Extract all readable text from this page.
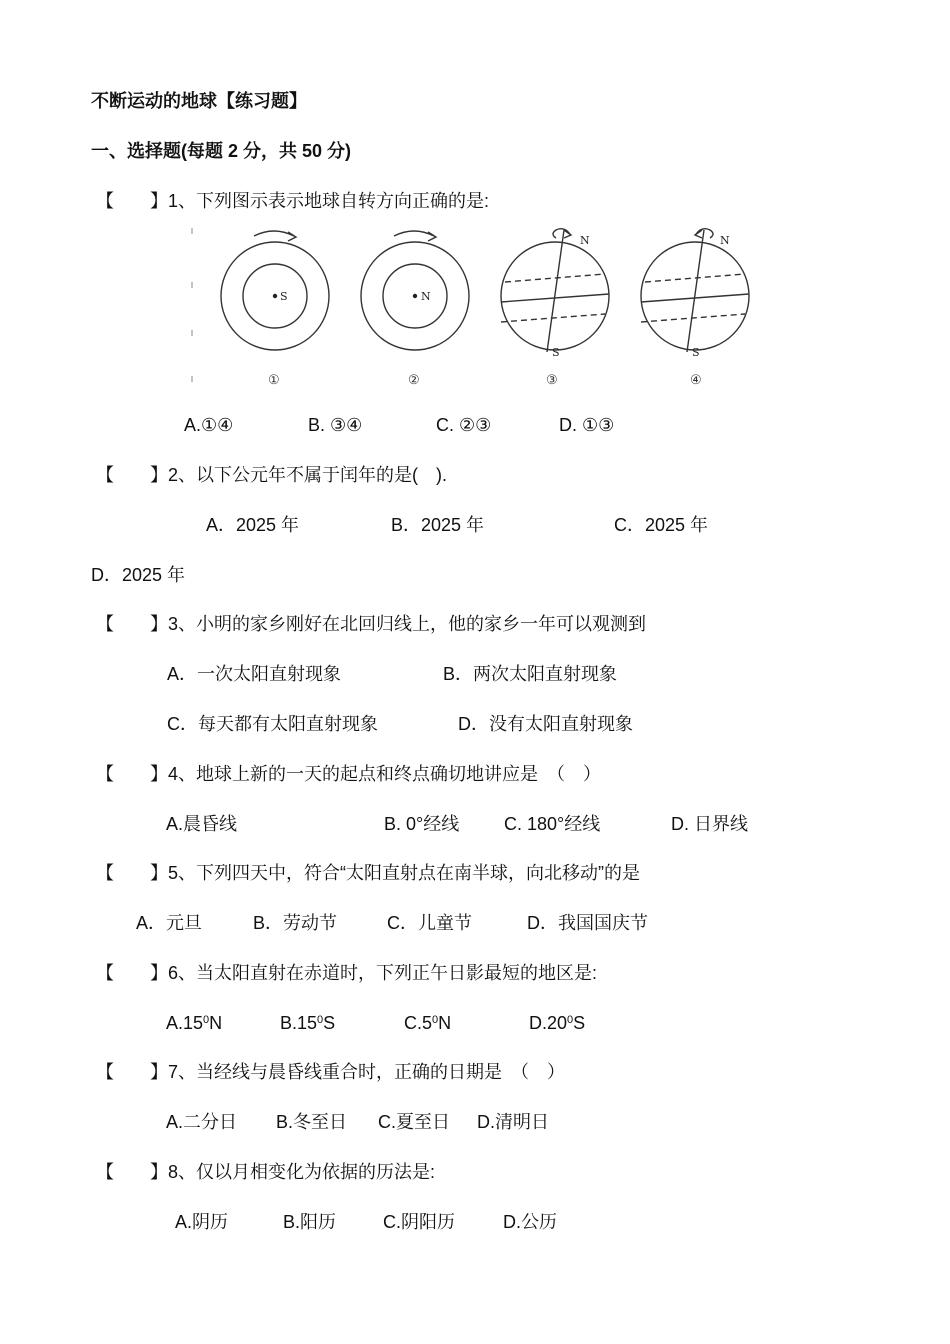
不断运动的地球【练习题】
一、选择题(每题 2 分，共 50 分)
【　　】1、下列图示表示地球自转方向正确的是:
S	N
N
S
N
S
①	②	③	④
A.①④	B. ③④	C. ②③	D. ①③
【　　】2、以下公元年不属于闰年的是(　).
A．2025 年	B．2025 年	C．2025 年
D．2025 年
【　　】3、小明的家乡刚好在北回归线上，他的家乡一年可以观测到
A．一次太阳直射现象	B．两次太阳直射现象
C．每天都有太阳直射现象	D．没有太阳直射现象
【　　】4、地球上新的一天的起点和终点确切地讲应是　（　）
A.晨昏线	B. 0°经线 C. 180°经线	D. 日界线
【　　】5、下列四天中，符合“太阳直射点在南半球，向北移动”的是
A．元旦	B．劳动节	C．儿童节	D．我国国庆节
【　　】6、当太阳直射在赤道时，下列正午日影最短的地区是:
$A.15^0N$	$B.15^0S$	$C.5^0N$	$D.20^0S$
【　　】7、当经线与晨昏线重合时，正确的日期是　（　）
A.二分日 B.冬至日 C.夏至日 D.清明日
【　　】8、仅以月相变化为依据的历法是:
A.阴历	B.阳历	C.阴阳历	D.公历
